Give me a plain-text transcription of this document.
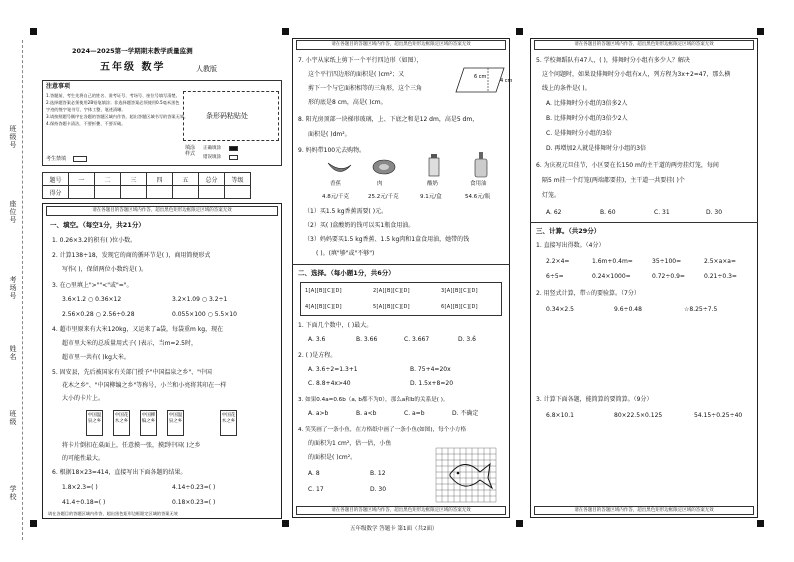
学校
班级
姓名
考场号
座位号
班级号
2024—2025第一学期期末教学质量监测
五年级 数学	人教版
注意事项
1.答题前，考生先将自己的姓名、准考证号、考场号、座位号填写清楚。
2.选择题答案必须使用2B铅笔填涂；非选择题答案必须使用0.5毫米黑色
字迹的签字笔书写，字体工整，笔迹清晰。
3.请按照题号顺序在各题的答题区域内作答，超出答题区域书写的答案无效。
4.保持答题卡清洁，不要折叠、不要弄破。
考生禁填
条形码粘贴处
填涂样式
正确填涂
错误填涂
题号	一	二	三	四	五	总分	等级
得分							
请在各题目的答题区域内作答，超出黑色矩形边框限定区域的答案无效
一、填空。（每空1分，共21分）
1. 0.26×3.2的积有( )位小数。
2. 计算138÷18，发现它的商的循环节是( )，商用简便形式
写作( )，保留两位小数约是( )。
3. 在○里填上">""<"或"="。
3.6×1.2 ○ 0.36×12	3.2×1.09 ○ 3.2÷1
2.56×0.28 ○ 2.56÷0.28	0.055×100 ○ 5.5×10
4. 超市里原来有大米120kg，又运来了a袋，每袋重m kg，现在
超市里大米的总质量用式子( )表示，当m=2.5时，
超市里一共有( )kg大米。
5. 固安县，先后被国家有关部门授予"中国温泉之乡"、"中国
花木之乡"、"中国柳编之乡"等称号，小兰和小亮将其印在一样
大小的卡片上。
中国温泉之乡
中国花木之乡
中国柳编之乡
中国温泉之乡
中国花木之乡
将卡片倒扣在桌面上，任意摸一张，摸到中国( )之乡
的可能性最大。
6. 根据18×23=414，直接写出下面各题的结果。
1.8×2.3=( )	4.14÷0.23=( )
41.4÷0.18=( )	0.18×0.23=( )
请在各题目的答题区域内作答，超出黑色矩形边框限定区域的答案无效
请在各题目的答题区域内作答，超出黑色矩形边框限定区域的答案无效
7. 小宇从家纸上剪下一个平行四边形（如图），
这个平行四边形的面积是( )cm²；又
剪下一个与它面积相等的三角形，这个三角
形的底是8 cm，高是( )cm。
6 cm
4 cm
8. 阳光房顶部一块梯形玻璃，上、下底之和是12 dm，高是5 dm，
面积是( )dm²。
9. 妈妈带100元去购物。
香蕉	肉	酸奶	食用油
4.8元/千克	25.2元/千克	9.1元/盒	54.6元/瓶
（1）买1.5 kg香蕉需要( )元。
（2）买( )盒酸奶的钱可以买1瓶食用油。
（3）妈妈要买1.5 kg香蕉、1.5 kg肉和1盒食用油，她带的钱
( )。(填"够"或"不够")
二、选择。（每小题1分，共6分）
1[A][B][C][D]	2[A][B][C][D]	3[A][B][C][D]
4[A][B][C][D]	5[A][B][C][D]	6[A][B][C][D]
1. 下面几个数中，( )最大。
A. 3.6	B. 3.66	C. 3.667	D. 3.6̇
2. ( )是方程。
A. 3.6÷2=1.3+1	B. 75+4=20x
C. 8.8+4x>40	D. 1.5x+8=20
3. 如果0.4a=0.6b（a, b都不为0），那么a和b的关系是( )。
A. a>b	B. a<b	C. a=b	D. 不确定
4. 笑笑画了一条小鱼，在方格纸中画了一条小鱼(如图)，每个小方格
的面积为1 cm²，估一估，小鱼
的面积是( )cm²。
A. 8	B. 12
C. 17	D. 30
请在各题目的答题区域内作答，超出黑色矩形边框限定区域的答案无效
五年级数学 答题卡 第1面（共2面）
请在各题目的答题区域内作答，超出黑色矩形边框限定区域的答案无效
5. 学校舞蹈队有47人，( )，排舞时分小组有多少人？解决
这个问题时，如果设排舞时分小组有x人，列方程为3x+2=47，那么横
线上的条件是( )。
A. 比排舞时分小组的3倍多2人
B. 比排舞时分小组的3倍少2人
C. 是排舞时分小组的3倍
D. 再增加2人就是排舞时分小组的3倍
6. 为庆祝元旦佳节，小区要在长150 m的主干道的两旁挂灯笼，每间
隔5 m挂一个灯笼(两端都要挂)，主干道一共要挂( )个
灯笼。
A. 62	B. 60	C. 31	D. 30
三、计算。（共29分）
1. 直接写出得数。（4分）
2.2×4=	1.6m+0.4m=	35÷100=	2.5×a×a=
6÷5=	0.24×1000=	0.72÷0.9=	0.21÷0.3=
2. 用竖式计算，带☆的要验算。（7分）
0.34×2.5	9.6÷0.48	☆8.25÷7.5
3. 计算下面各题，能简算的要简算。（9分）
6.8×10.1	80×22.5×0.125	54.15÷0.25÷40
请在各题目的答题区域内作答，超出黑色矩形边框限定区域的答案无效
